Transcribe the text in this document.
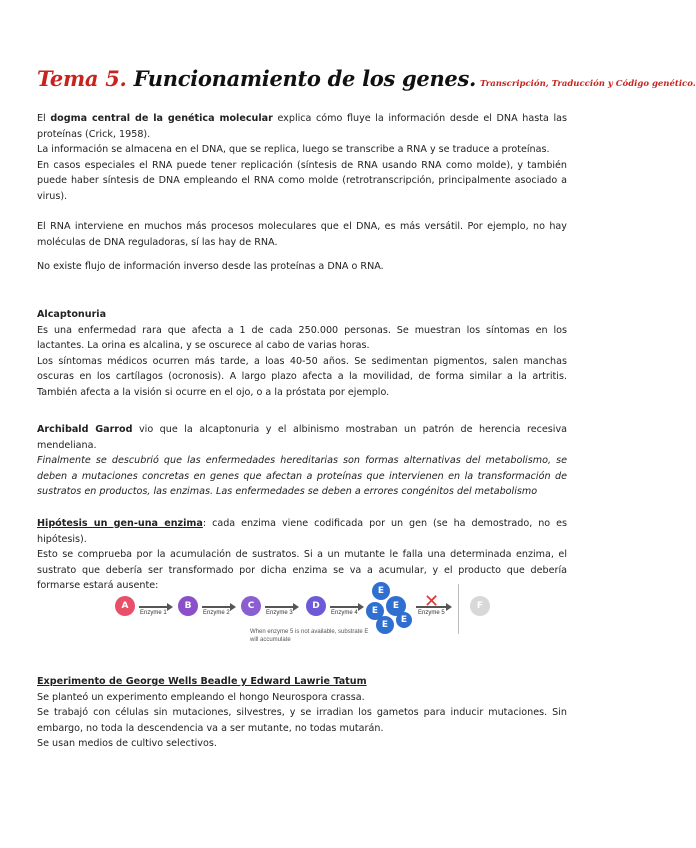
Tema 5. Funcionamiento de los genes. Transcripción, Traducción y Código genético.

El dogma central de la genética molecular explica cómo fluye la información desde el DNA hasta las proteínas (Crick, 1958).

La información se almacena en el DNA, que se replica, luego se transcribe a RNA y se traduce a proteínas.

En casos especiales el RNA puede tener replicación (síntesis de RNA usando RNA como molde), y también puede haber síntesis de DNA empleando el RNA como molde (retrotranscripción, principalmente asociado a virus).

El RNA interviene en muchos más procesos moleculares que el DNA, es más versátil. Por ejemplo, no hay moléculas de DNA reguladoras, sí las hay de RNA.

No existe flujo de información inverso desde las proteínas a DNA o RNA.

Alcaptonuria

Es una enfermedad rara que afecta a 1 de cada 250.000 personas. Se muestran los síntomas en los lactantes. La orina es alcalina, y se oscurece al cabo de varias horas.

Los síntomas médicos ocurren más tarde, a loas 40-50 años. Se sedimentan pigmentos, salen manchas oscuras en los cartílagos (ocronosis). A largo plazo afecta a la movilidad, de forma similar a la artritis. También afecta a la visión si ocurre en el ojo, o a la próstata por ejemplo.

Archibald Garrod vio que la alcaptonuria y el albinismo mostraban un patrón de herencia recesiva mendeliana.

Finalmente se descubrió que las enfermedades hereditarias son formas alternativas del metabolismo, se deben a mutaciones concretas en genes que afectan a proteínas que intervienen en la transformación de sustratos en productos, las enzimas. Las enfermedades se deben a errores congénitos del metabolismo

Hipótesis un gen-una enzima: cada enzima viene codificada por un gen (se ha demostrado, no es hipótesis).

Esto se comprueba por la acumulación de sustratos. Si a un mutante le falla una determinada enzima, el sustrato que debería ser transformado por dicha enzima se va a acumular, y el producto que debería formarse estará ausente:

A
Enzyme 1
B
Enzyme 2
C
Enzyme 3
D
Enzyme 4
E
E
E
E	E
Enzyme 5
✕	F
When enzyme 5 is not available, substrate E will accumulate

Experimento de George Wells Beadle y Edward Lawrie Tatum

Se planteó un experimento empleando el hongo Neurospora crassa.

Se trabajó con células sin mutaciones, silvestres, y se irradian los gametos para inducir mutaciones. Sin embargo, no toda la descendencia va a ser mutante, no todas mutarán.

Se usan medios de cultivo selectivos.
